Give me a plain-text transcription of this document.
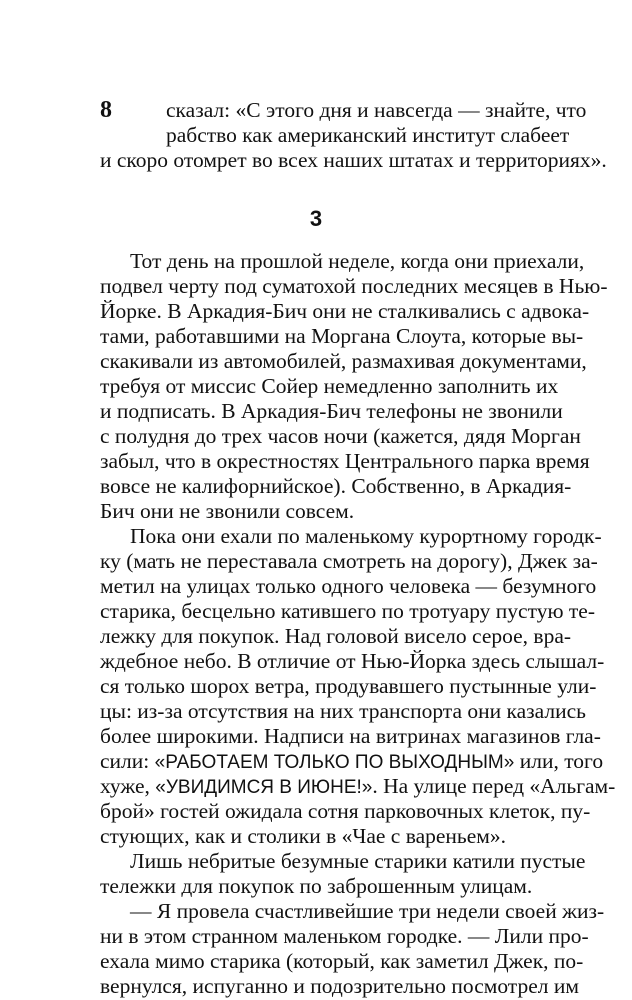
8	сказал: «С этого дня и навсегда — знайте, что
рабство как американский институт слабеет
и скоро отомрет во всех наших штатах и территориях».
3
Тот день на прошлой неделе, когда они приехали,
подвел черту под суматохой последних месяцев в Нью-
Йорке. В Аркадия-Бич они не сталкивались с адвока-
тами, работавшими на Моргана Слоута, которые вы-
скакивали из автомобилей, размахивая документами,
требуя от миссис Сойер немедленно заполнить их
и подписать. В Аркадия-Бич телефоны не звонили
с полудня до трех часов ночи (кажется, дядя Морган
забыл, что в окрестностях Центрального парка время
вовсе не калифорнийское). Собственно, в Аркадия-
Бич они не звонили совсем.
Пока они ехали по маленькому курортному городк-
ку (мать не переставала смотреть на дорогу), Джек за-
метил на улицах только одного человека — безумного
старика, бесцельно катившего по тротуару пустую те-
лежку для покупок. Над головой висело серое, вра-
ждебное небо. В отличие от Нью-Йорка здесь слышал-
ся только шорох ветра, продувавшего пустынные ули-
цы: из-за отсутствия на них транспорта они казались
более широкими. Надписи на витринах магазинов гла-
сили: «РАБОТАЕМ ТОЛЬКО ПО ВЫХОДНЫМ» или, того
хуже, «УВИДИМСЯ В ИЮНЕ!». На улице перед «Альгам-
брой» гостей ожидала сотня парковочных клеток, пу-
стующих, как и столики в «Чае с вареньем».
Лишь небритые безумные старики катили пустые
тележки для покупок по заброшенным улицам.
— Я провела счастливейшие три недели своей жиз-
ни в этом странном маленьком городке. — Лили про-
ехала мимо старика (который, как заметил Джек, по-
вернулся, испуганно и подозрительно посмотрел им
